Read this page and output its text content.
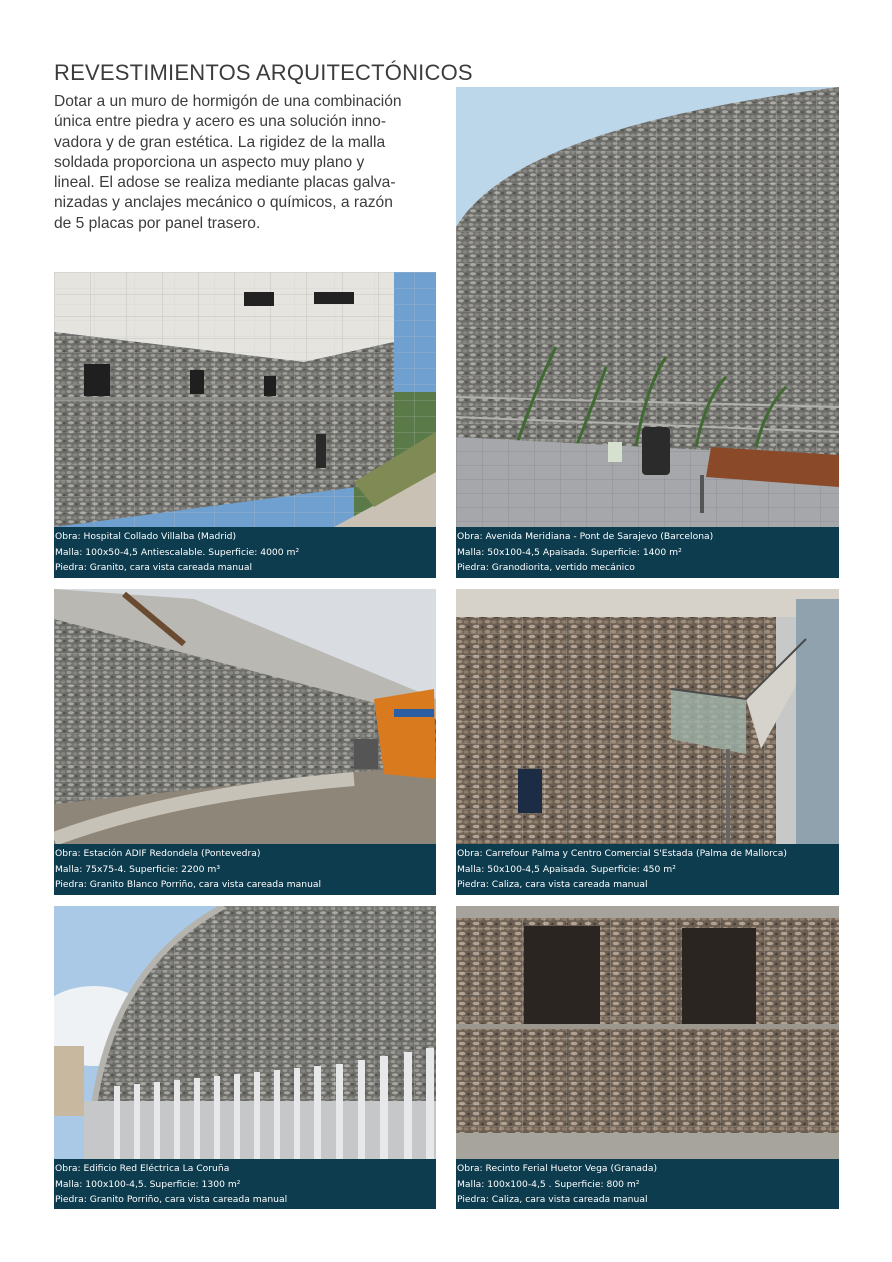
REVESTIMIENTOS ARQUITECTÓNICOS
Dotar a un muro de hormigón de una combinación
única entre piedra y acero es una solución inno-
vadora y de gran estética. La rigidez de la malla
soldada proporciona un aspecto muy plano y
lineal. El adose se realiza mediante placas galva-
nizadas y anclajes mecánico o químicos, a razón
de 5 placas por panel trasero.
Obra: Hospital Collado Villalba (Madrid)
Malla: 100x50-4,5 Antiescalable. Superficie: 4000 m²
Piedra: Granito, cara vista careada manual
Obra: Avenida Meridiana - Pont de Sarajevo (Barcelona)
Malla: 50x100-4,5 Apaisada. Superficie: 1400 m²
Piedra: Granodiorita, vertido mecánico
Obra: Estación ADIF Redondela (Pontevedra)
Malla: 75x75-4. Superficie: 2200 m³
Piedra: Granito Blanco Porriño, cara vista careada manual
Obra: Carrefour Palma y Centro Comercial S'Estada (Palma de Mallorca)
Malla: 50x100-4,5 Apaisada. Superficie: 450 m²
Piedra: Caliza, cara vista careada manual
Obra: Edificio Red Eléctrica La Coruña
Malla: 100x100-4,5. Superficie: 1300 m²
Piedra: Granito Porriño, cara vista careada manual
Obra: Recinto Ferial Huetor Vega (Granada)
Malla: 100x100-4,5 . Superficie: 800 m²
Piedra: Caliza, cara vista careada manual
